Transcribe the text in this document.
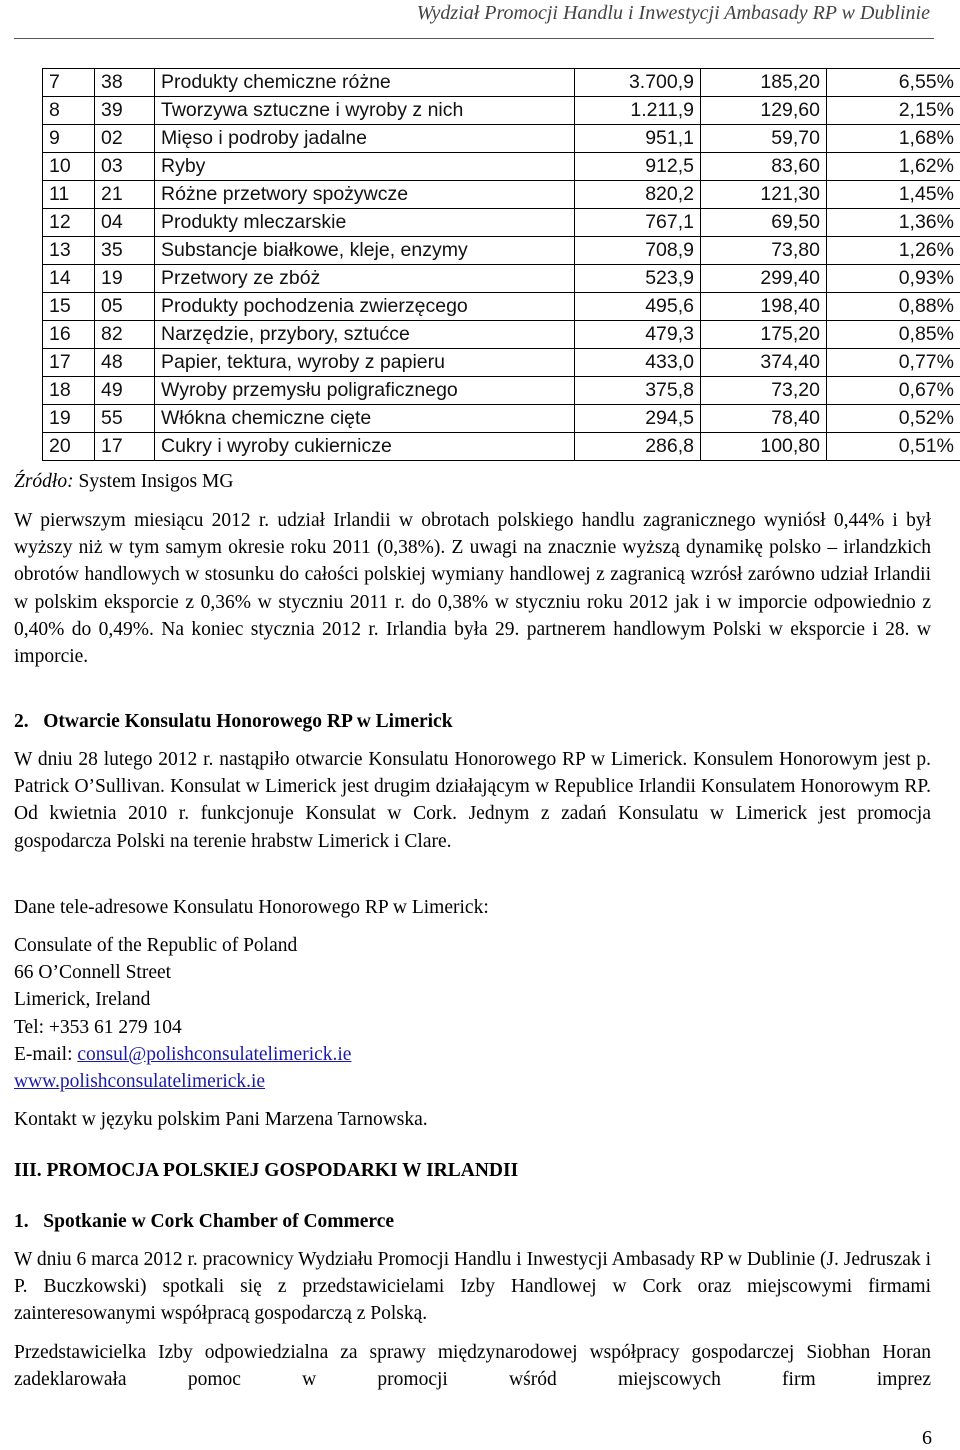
Wydział Promocji Handlu i Inwestycji Ambasady RP w Dublinie
7	38	Produkty chemiczne różne	3.700,9	185,20	6,55%
8	39	Tworzywa sztuczne i wyroby z nich	1.211,9	129,60	2,15%
9	02	Mięso i podroby jadalne	951,1	59,70	1,68%
10	03	Ryby	912,5	83,60	1,62%
11	21	Różne przetwory spożywcze	820,2	121,30	1,45%
12	04	Produkty mleczarskie	767,1	69,50	1,36%
13	35	Substancje białkowe, kleje, enzymy	708,9	73,80	1,26%
14	19	Przetwory ze zbóż	523,9	299,40	0,93%
15	05	Produkty pochodzenia zwierzęcego	495,6	198,40	0,88%
16	82	Narzędzie, przybory, sztućce	479,3	175,20	0,85%
17	48	Papier, tektura, wyroby z papieru	433,0	374,40	0,77%
18	49	Wyroby przemysłu poligraficznego	375,8	73,20	0,67%
19	55	Włókna chemiczne cięte	294,5	78,40	0,52%
20	17	Cukry i wyroby cukiernicze	286,8	100,80	0,51%
Źródło: System Insigos MG

W pierwszym miesiącu 2012 r. udział Irlandii w obrotach polskiego handlu zagranicznego wyniósł 0,44% i był wyższy niż w tym samym okresie roku 2011 (0,38%). Z uwagi na znacznie wyższą dynamikę polsko – irlandzkich obrotów handlowych w stosunku do całości polskiej wymiany handlowej z zagranicą wzrósł zarówno udział Irlandii w polskim eksporcie z 0,36% w styczniu 2011 r. do 0,38% w styczniu roku 2012 jak i w imporcie odpowiednio z 0,40% do 0,49%. Na koniec stycznia 2012 r. Irlandia była 29. partnerem handlowym Polski w eksporcie i 28. w imporcie.

2.   Otwarcie Konsulatu Honorowego RP w Limerick

W dniu 28 lutego 2012 r. nastąpiło otwarcie Konsulatu Honorowego RP w Limerick. Konsulem Honorowym jest p. Patrick O’Sullivan. Konsulat w Limerick jest drugim działającym w Republice Irlandii Konsulatem Honorowym RP. Od kwietnia 2010 r. funkcjonuje Konsulat w Cork. Jednym z zadań Konsulatu w Limerick jest promocja gospodarcza Polski na terenie hrabstw Limerick i Clare.

Dane tele-adresowe Konsulatu Honorowego RP w Limerick:
Consulate of the Republic of Poland
66 O’Connell Street
Limerick, Ireland
Tel: +353 61 279 104
E-mail: consul@polishconsulatelimerick.ie
www.polishconsulatelimerick.ie
Kontakt w języku polskim Pani Marzena Tarnowska.
III. PROMOCJA POLSKIEJ GOSPODARKI W IRLANDII
1.   Spotkanie w Cork Chamber of Commerce

W dniu 6 marca 2012 r. pracownicy Wydziału Promocji Handlu i Inwestycji Ambasady RP w Dublinie (J. Jedruszak i P. Buczkowski) spotkali się z przedstawicielami Izby Handlowej w Cork oraz miejscowymi firmami zainteresowanymi współpracą gospodarczą z Polską.

Przedstawicielka Izby odpowiedzialna za sprawy międzynarodowej współpracy gospodarczej Siobhan Horan zadeklarowała pomoc w promocji wśród miejscowych firm imprez

6
